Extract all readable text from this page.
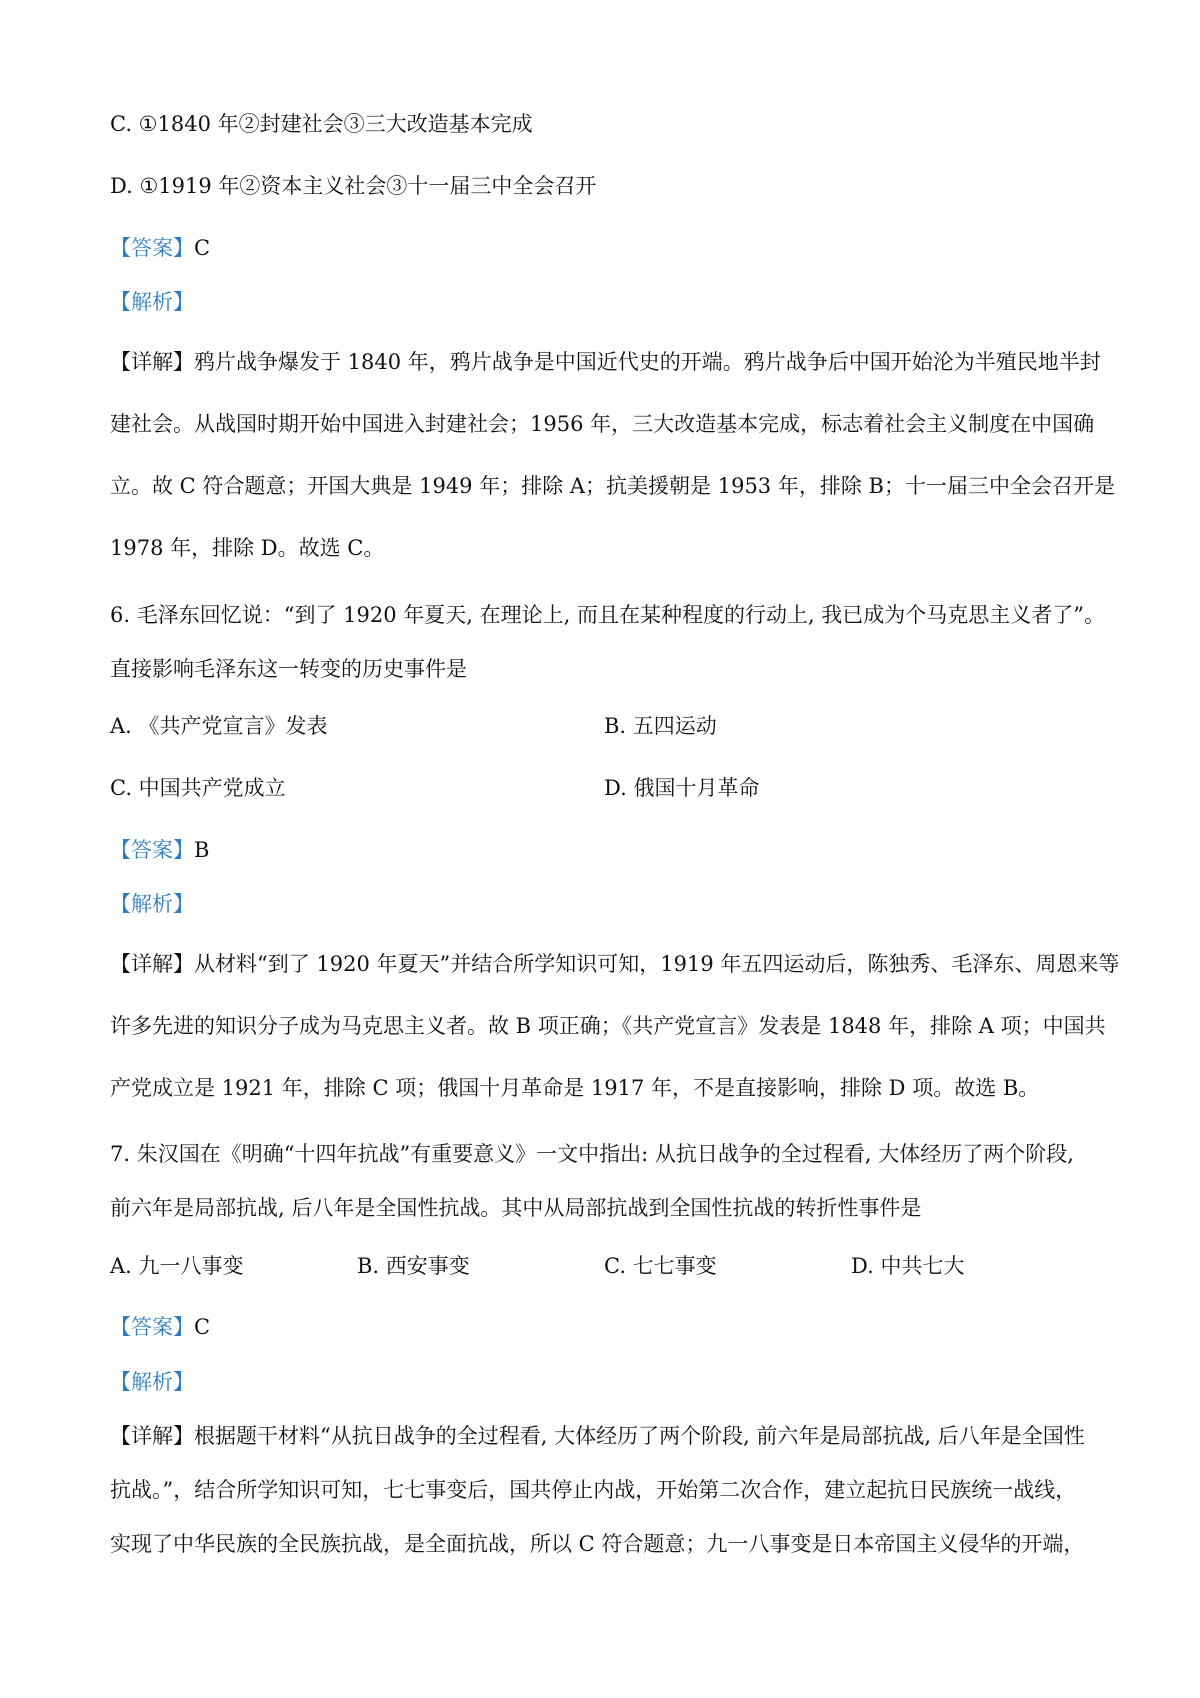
C. ①1840 年②封建社会③三大改造基本完成
D. ①1919 年②资本主义社会③十一届三中全会召开
【答案】C
【解析】
【详解】鸦片战争爆发于 1840 年，鸦片战争是中国近代史的开端。鸦片战争后中国开始沦为半殖民地半封
建社会。从战国时期开始中国进入封建社会；1956 年，三大改造基本完成，标志着社会主义制度在中国确
立。故 C 符合题意；开国大典是 1949 年；排除 A；抗美援朝是 1953 年，排除 B；十一届三中全会召开是
1978 年，排除 D。故选 C。
6. 毛泽东回忆说：“到了 1920 年夏天, 在理论上, 而且在某种程度的行动上, 我已成为个马克思主义者了”。
直接影响毛泽东这一转变的历史事件是
A. 《共产党宣言》发表	B. 五四运动
C. 中国共产党成立	D. 俄国十月革命
【答案】B
【解析】
【详解】从材料“到了 1920 年夏天”并结合所学知识可知，1919 年五四运动后，陈独秀、毛泽东、周恩来等
许多先进的知识分子成为马克思主义者。故 B 项正确；《共产党宣言》发表是 1848 年，排除 A 项；中国共
产党成立是 1921 年，排除 C 项；俄国十月革命是 1917 年，不是直接影响，排除 D 项。故选 B。
7. 朱汉国在《明确“十四年抗战”有重要意义》一文中指出: 从抗日战争的全过程看, 大体经历了两个阶段,
前六年是局部抗战, 后八年是全国性抗战。其中从局部抗战到全国性抗战的转折性事件是
A. 九一八事变	B. 西安事变	C. 七七事变	D. 中共七大
【答案】C
【解析】
【详解】根据题干材料“从抗日战争的全过程看, 大体经历了两个阶段, 前六年是局部抗战, 后八年是全国性
抗战。”，结合所学知识可知，七七事变后，国共停止内战，开始第二次合作，建立起抗日民族统一战线，
实现了中华民族的全民族抗战，是全面抗战，所以 C 符合题意；九一八事变是日本帝国主义侵华的开端，
